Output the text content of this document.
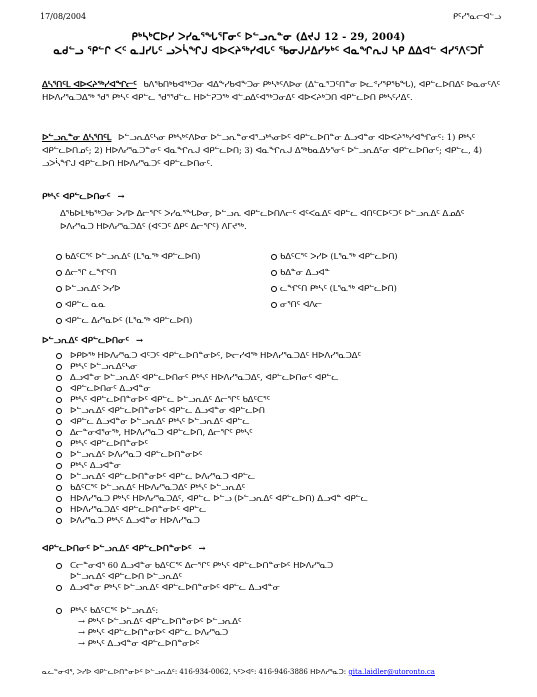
17/08/2004	ᑭᑦᓯᕐᓇᓕᐊᓪᓗ
ᑭᒃᓴᒃᑕᐅᓯ ᐳᓯᓇᕐᖓᕐᒥᓂᑦ ᐅᓪᓗᕆᓐᓂ (ᐃᔪᒍ 12 - 29, 2004)
ᓇᑯᓪᓗ ᕐᑭᓪᒋ ᐸᑦ ᓇᒧᓯᒐᑦ ᓗᐳᓵᖏᒍ ᐊᐅᐸᔨᖅᓯᐊᒐᑦ ᖃᓂᒍᓱᐃᓯᔭᒃᑦ ᐊᓇᖏᕆᒍ ᓴᑭ ᐃᐃᐊᓪ ᐊᓯᕐᐱᑦᑐᒦ
ᐃᓴᕐᑎᑦᒪ ᐊᐅᐸᔨᖅᓯᐊᖏᓕᑦ ᑲᐱᖃᑎᒃᑲᐊᖅᑐᓂ ᐊᐃᖕᓯᑲᐊᖕᑐᓂ ᑭᒃᓴᒃᑦᐱᐅᓂ (ᐃᓪᓇᕐᑐᑦᑎᓐᓂ ᐅᓚᕝᓯᕐᑭᖃᖓ), ᐊᑭᓪᓚᐅᑎᐃᑦ ᐅᓇᓂᑦᐱᑦ ᕼᐅᐱᓯᕐᓇᑐᐃᖅ ᕐᑯᕐ ᑭᒃᓴᑦ ᐊᑭᓪᓚ ᕐᑯᕐᖁᓪᓚ ᕼᐅᓪᕈᑐᖅ ᐊᓪᓄᐃᑦᐊᖅᑐᓂᐃᑦ ᐊᐅᐸᔨᒃᑐᑎ ᐊᑭᓪᓚᐅᑎ ᑭᒃᓴᑦᓱᐃᑦ.
ᐅᓪᓗᕆᓐᓂ ᐃᓴᕐᑎᑦᒪ ᐅᓪᓗᕆᐃᑦᓴᓂ ᑭᒃᓴᒃᑦᐱᐅᓂ ᐅᓪᓗᕆᓐᓂᐊᕐᓗᒃᓴᓂᐅᑦ ᐊᑭᓪᓚᐅᑎᓐᓂ ᐃᓗᐊᓐᓂ ᐊᐅᐸᔨᖅᓯᐊᖏᓂᑦ: 1) ᑭᒃᓴᑦ ᐊᑭᓪᓚᐅᑎᓄᑦ; 2) ᕼᐅᐱᓯᕐᓇᑐᓐᓂᑦ ᐊᓇᖏᕆᒍ ᐊᑭᓪᓚᐅᑎ; 3) ᐊᓇᖏᕆᒍ ᐃᖅᑲᓇᐃᔭᕐᓂᑦ ᐅᓪᓗᕆᐃᑦᓂ ᐊᑭᓪᓚᐅᑎᓂᑦ; ᐊᑭᓪᓚ, 4) ᓗᐳᓵᖏᒍ ᐊᑭᓪᓚᐅᑎ ᕼᐅᐱᓯᕐᓇᑐᑦ ᐊᑭᓪᓚᐅᑎᓂᑦ.
ᑭᒃᓴᑦ ᐊᑭᓪᓚᐅᑎᓂᑦ →
ᐃᖃᐅᒪᒃᑲᖅᑐᓂ ᐳᓯᐅ ᐃᓕᕐᒋᑦ ᐳᓯᓇᕐᖓᐅᓂ, ᐅᓪᓗᕆ ᐊᑭᓪᓚᐅᑎᐱᓕᑦ ᐊᑦᐸᓇᐃᑦ ᐊᑭᓪᓚ ᐊᑎᑦᑕᐅᑦᑐᑦ ᐅᓪᓗᕆᐃᑦ ᐃᓄᐃᑦ ᐅᐱᓯᕐᓇᑐ ᕼᐅᐱᓯᕐᓇᑐᐃᑦ (ᐊᑦᑐᑦ ᐃᑭᑦ ᐃᓕᕐᒋᑦ) ᐱᒥᔪᖅ.
ᑲᐃᑦᑕᕐᑦ ᐅᓪᓗᕆᐃᑦ (ᒪᕐᓇᖅ ᐊᑭᓪᓚᐅᑎ)	ᑲᐃᑦᑕᕐᑦ ᐳᓯᐅ (ᒪᕐᓇᖅ ᐊᑭᓪᓚᐅᑎ)
ᐃᓕᕐᒋ ᓚᖏᑦᑎ	ᑲᐃᓐᓂ ᐃᓗᐊᓐ
ᐅᓪᓗᕆᐃᑦ ᐳᓯᐅ	ᓚᖏᑦᑎ ᑭᒃᓴᑦ (ᒪᕐᓇᖅ ᐊᑭᓪᓚᐅᑎ)
ᐊᑭᓪᓚ ᓇᓇ	ᓂᕐᑎᑦ ᐊᐱᓕ
ᐊᑭᓪᓚ ᐃᓯᕐᓇᐅᑦ (ᒪᕐᓇᖅ ᐊᑭᓪᓚᐅᑎ)
ᐅᓪᓗᕆᐃᑦ ᐊᑭᓪᓚᐅᑎᓂᑦ →
ᐅᑭᐅᖅ ᕼᐅᐱᓯᕐᓇᑐ ᐊᑦᑐᑦ ᐊᑭᓪᓚᐅᑎᓐᓂᐅᑦ, ᐅᓕᓯᐊᖅ ᕼᐅᐱᓯᕐᓇᑐᐃᑦ ᕼᐅᐱᓯᕐᓇᑐᐃᑦ
ᑭᒃᓴᑦ ᐅᓪᓗᕆᐃᑦᓴᓂ
ᐃᓗᐊᓐᓂ ᐅᓪᓗᕆᐃᑦ ᐊᑭᓪᓚᐅᑎᓂᑦ ᑭᒃᓴᑦ ᕼᐅᐱᓯᕐᓇᑐᐃᑦ, ᐊᑭᓪᓚᐅᑎᓂᑦ ᐊᑭᓪᓚ
ᐊᑭᓪᓚᐅᑎᓂᑦ ᐃᓗᐊᓐᓂ
ᑭᒃᓴᑦ ᐊᑭᓪᓚᐅᑎᓐᓂᐅᑦ ᐊᑭᓪᓚ ᐅᓪᓗᕆᐃᑦ ᐃᓕᕐᒋᑦ ᑲᐃᑦᑕᕐᑦ
ᐅᓪᓗᕆᐃᑦ ᐊᑭᓪᓚᐅᑎᓐᓂᐅᑦ ᐊᑭᓪᓚ ᐃᓗᐊᓐᓂ ᐊᑭᓪᓚᐅᑎ
ᐊᑭᓪᓚ ᐃᓗᐊᓐᓂ ᐅᓪᓗᕆᐃᑦ ᑭᒃᓴᑦ ᐅᓪᓗᕆᐃᑦ ᐊᑭᓪᓚ
ᐃᓕᓐᓂᐊᕐᓂᖅ, ᕼᐅᐱᓯᕐᓇᑐ ᐊᑭᓪᓚᐅᑎ, ᐃᓕᕐᒋᑦ ᑭᒃᓴᑦ
ᑭᒃᓴᑦ ᐊᑭᓪᓚᐅᑎᓐᓂᐅᑦ
ᐅᓪᓗᕆᐃᑦ ᐅᐱᓯᕐᓇᑐ ᐊᑭᓪᓚᐅᑎᓐᓂᐅᑦ
ᑭᒃᓴᑦ ᐃᓗᐊᓐᓂ
ᐅᓪᓗᕆᐃᑦ ᐊᑭᓪᓚᐅᑎᓐᓂᐅᑦ ᐊᑭᓪᓚ ᐅᐱᓯᕐᓇᑐ ᐊᑭᓪᓚ
ᑲᐃᑦᑕᕐᑦ ᐅᓪᓗᕆᐃᑦ ᕼᐅᐱᓯᕐᓇᑐᐃᑦ ᑭᒃᓴᑦ ᐅᓪᓗᕆᐃᑦ
ᕼᐅᐱᓯᕐᓇᑐ ᑭᒃᓴᑦ ᕼᐅᐱᓯᕐᓇᑐᐃᑦ, ᐊᑭᓪᓚ ᐅᓪᓗ (ᐅᓪᓗᕆᐃᑦ ᐊᑭᓪᓚᐅᑎ) ᐃᓗᐊᓐ ᐊᑭᓪᓚ
ᕼᐅᐱᓯᕐᓇᑐᐃᑦ ᐊᑭᓪᓚᐅᑎᓐᓂᐅᑦ ᐊᑭᓪᓚ
ᐅᐱᓯᕐᓇᑐ ᑭᒃᓴᑦ ᐃᓗᐊᓐᓂ ᕼᐅᐱᓯᕐᓇᑐ
ᐊᑭᓪᓚᐅᑎᓂᑦ ᐅᓪᓗᕆᐃᑦ ᐊᑭᓪᓚᐅᑎᓐᓂᐅᑦ →
ᑕᓕᓐᓂᐊᕐ 60 ᐃᓗᐊᓐᓂ ᑲᐃᑦᑕᕐᑦ ᐃᓕᕐᒋᑦ ᑭᒃᓴᑦ ᐊᑭᓪᓚᐅᑎᓐᓂᐅᑦ ᕼᐅᐱᓯᕐᓇᑐ
ᐅᓪᓗᕆᐃᑦ ᐊᑭᓪᓚᐅᑎ ᐅᓪᓗᕆᐃᑦ
ᐃᓗᐊᓐᓂ ᑭᒃᓴᑦ ᐅᓪᓗᕆᐃᑦ ᐊᑭᓪᓚᐅᑎᓐᓂᐅᑦ ᐊᑭᓪᓚ ᐃᓗᐊᓐᓂ
ᑭᒃᓴᑦ ᑲᐃᑦᑕᕐᑦ ᐅᓪᓗᕆᐃᑦ:
→ ᑭᒃᓴᑦ ᐅᓪᓗᕆᐃᑦ ᐊᑭᓪᓚᐅᑎᓐᓂᐅᑦ ᐅᓪᓗᕆᐃᑦ
→ ᑭᒃᓴᑦ ᐊᑭᓪᓚᐅᑎᓐᓂᐅᑦ ᐊᑭᓪᓚ ᐅᐱᓯᕐᓇᑐ
→ ᑭᒃᓴᑦ ᐃᓗᐊᓐᓂ ᐊᑭᓪᓚᐅᑎᓐᓂᐅᑦ
ᓇᓚᓐᓂᐊᕐ, ᐳᓯᐅ ᐊᑭᓪᓚᐅᑎᓐᓂᐅᑦ ᐅᓪᓗᕆᐃᑦ: 416-934-0062, ᓴᑦᐳᐊᑦ: 416-946-3886 ᕼᐅᐱᓯᕐᓇᑐ: gita.laidler@utoronto.ca
